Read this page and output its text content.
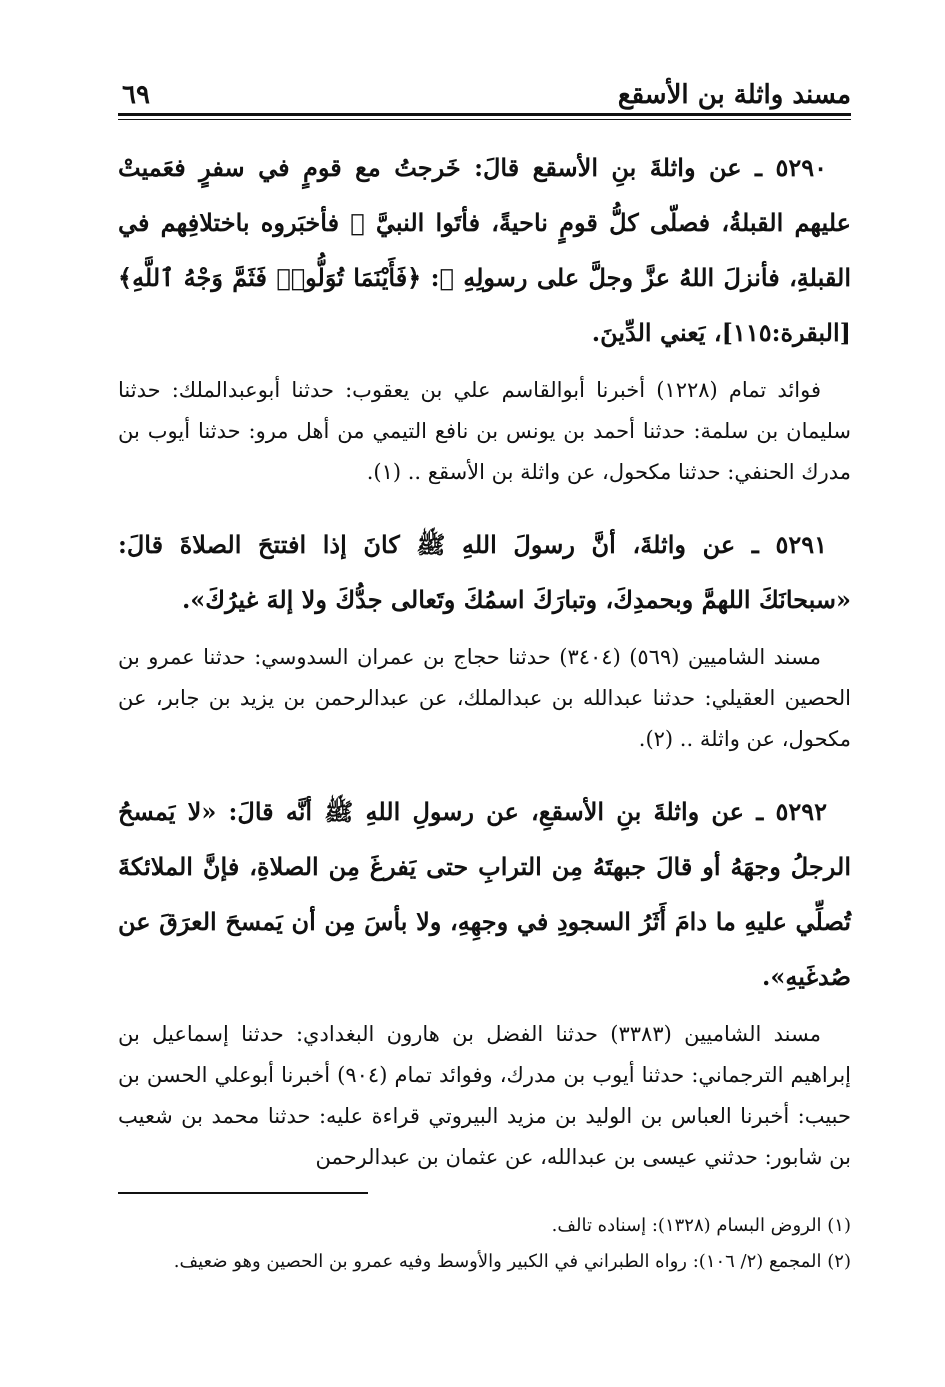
مسند واثلة بن الأسقع
٦٩

٥٢٩٠ ـ عن واثلةَ بنِ الأسقع قالَ: خَرجتُ مع قومٍ في سفرٍ فعَميتْ عليهم القبلةُ، فصلّى كلُّ قومٍ ناحيةً، فأتَوا النبيَّ ﷺ فأخبَروه باختلافِهم في القبلةِ، فأنزلَ اللهُ عزَّ وجلَّ على رسولِهِ ﷺ: ﴿فَأَيْنَمَا تُوَلُّوا۟ فَثَمَّ وَجْهُ ٱللَّهِ﴾ [البقرة:١١٥]، يَعني الدِّينَ.

فوائد تمام (١٢٢٨) أخبرنا أبوالقاسم علي بن يعقوب: حدثنا أبوعبدالملك: حدثنا سليمان بن سلمة: حدثنا أحمد بن يونس بن نافع التيمي من أهل مرو: حدثنا أيوب بن مدرك الحنفي: حدثنا مكحول، عن واثلة بن الأسقع .. (١).

٥٢٩١ ـ عن واثلةَ، أنَّ رسولَ اللهِ ﷺ كانَ إذا افتتحَ الصلاةَ قالَ: «سبحانَكَ اللهمَّ وبحمدِكَ، وتبارَكَ اسمُكَ وتَعالى جدُّكَ ولا إلهَ غيرُكَ».

مسند الشاميين (٥٦٩) (٣٤٠٤) حدثنا حجاج بن عمران السدوسي: حدثنا عمرو بن الحصين العقيلي: حدثنا عبدالله بن عبدالملك، عن عبدالرحمن بن يزيد بن جابر، عن مكحول، عن واثلة .. (٢).

٥٢٩٢ ـ عن واثلةَ بنِ الأسقعِ، عن رسولِ اللهِ ﷺ أنَّه قالَ: «لا يَمسحُ الرجلُ وجهَهُ أو قالَ جبهتَهُ مِن الترابِ حتى يَفرغَ مِن الصلاةِ، فإنَّ الملائكةَ تُصلِّي عليهِ ما دامَ أَثَرُ السجودِ في وجهِهِ، ولا بأسَ مِن أن يَمسحَ العرَقَ عن صُدغَيهِ».

مسند الشاميين (٣٣٨٣) حدثنا الفضل بن هارون البغدادي: حدثنا إسماعيل بن إبراهيم الترجماني: حدثنا أيوب بن مدرك، وفوائد تمام (٩٠٤) أخبرنا أبوعلي الحسن بن حبيب: أخبرنا العباس بن الوليد بن مزيد البيروتي قراءة عليه: حدثنا محمد بن شعيب بن شابور: حدثني عيسى بن عبدالله، عن عثمان بن عبدالرحمن

(١) الروض البسام (١٣٢٨): إسناده تالف.

(٢) المجمع (٢/ ١٠٦): رواه الطبراني في الكبير والأوسط وفيه عمرو بن الحصين وهو ضعيف.
